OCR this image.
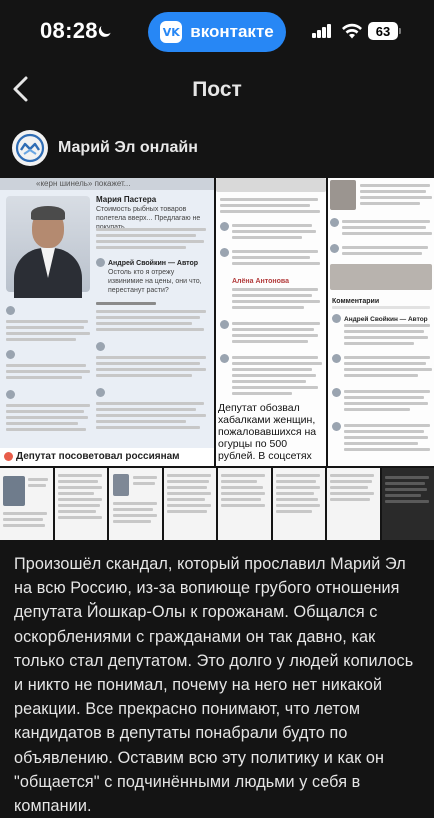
08:28	VK вконтакте	63
Пост
Марий Эл онлайн
«керн шинель» покажет...
Мария Пастера
Стоимость рыбных товаров полетела вверх... Предлагаю не
Андрей Свойкин — Автор
Остоль кто я отрежу извинимие на цены, они что, перестанут расти?
Депутат посоветовал россиянам
Алёна Антонова
Депутат обозвал хабалками женщин, пожаловавшихся на огурцы по 500 рублей. В соцсетях
Комментарии
Андрей Свойкин — Автор
Произошёл скандал, который прославил Марий Эл на всю Россию, из-за вопиюще грубого отношения депутата Йошкар-Олы к горожанам. Общался с оскорблениями с гражданами он так давно, как только стал депутатом. Это долго у людей копилось и никто не понимал, почему на него нет никакой реакции. Все прекрасно понимают, что летом кандидатов в депутаты понабрали будто по объявлению. Оставим всю эту политику и как он "общается" с подчинёнными людьми у себя в компании.
